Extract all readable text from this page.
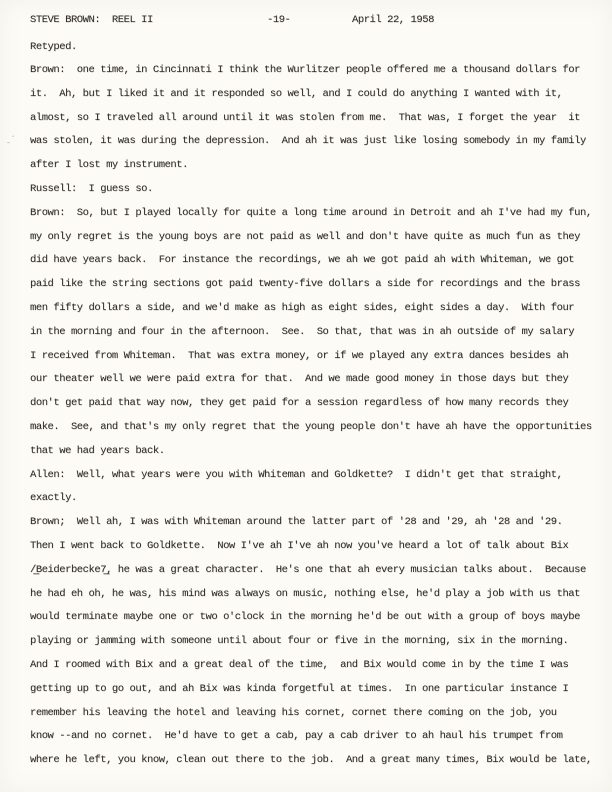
STEVE BROWN:  REEL II

	-19-

	April 22, 1958

Retyped.
Brown:  one time, in Cincinnati I think the Wurlitzer people offered me a thousand dollars for
it.  Ah, but I liked it and it responded so well, and I could do anything I wanted with it,
almost, so I traveled all around until it was stolen from me.  That was, I forget the year  it
was stolen, it was during the depression.  And ah it was just like losing somebody in my family
after I lost my instrument.
Russell:  I guess so.
Brown:  So, but I played locally for quite a long time around in Detroit and ah I've had my fun,
my only regret is the young boys are not paid as well and don't have quite as much fun as they
did have years back.  For instance the recordings, we ah we got paid ah with Whiteman, we got
paid like the string sections got paid twenty-five dollars a side for recordings and the brass
men fifty dollars a side, and we'd make as high as eight sides, eight sides a day.  With four
in the morning and four in the afternoon.  See.  So that, that was in ah outside of my salary
I received from Whiteman.  That was extra money, or if we played any extra dances besides ah
our theater well we were paid extra for that.  And we made good money in those days but they
don't get paid that way now, they get paid for a session regardless of how many records they
make.  See, and that's my only regret that the young people don't have ah have the opportunities
that we had years back.
Allen:  Well, what years were you with Whiteman and Goldkette?  I didn't get that straight,
exactly.
Brown;  Well ah, I was with Whiteman around the latter part of '28 and '29, ah '28 and '29.
Then I went back to Goldkette.  Now I've ah I've ah now you've heard a lot of talk about Bix
/̲Beiderbecke7̲, he was a great character.  He's one that ah every musician talks about.  Because
he had eh oh, he was, his mind was always on music, nothing else, he'd play a job with us that
would terminate maybe one or two o'clock in the morning he'd be out with a group of boys maybe
playing or jamming with someone until about four or five in the morning, six in the morning.
And I roomed with Bix and a great deal of the time,  and Bix would come in by the time I was
getting up to go out, and ah Bix was kinda forgetful at times.  In one particular instance I
remember his leaving the hotel and leaving his cornet, cornet there coming on the job, you
know --and no cornet.  He'd have to get a cab, pay a cab driver to ah haul his trumpet from
where he left, you know, clean out there to the job.  And a great many times, Bix would be late,
ˍˊ
